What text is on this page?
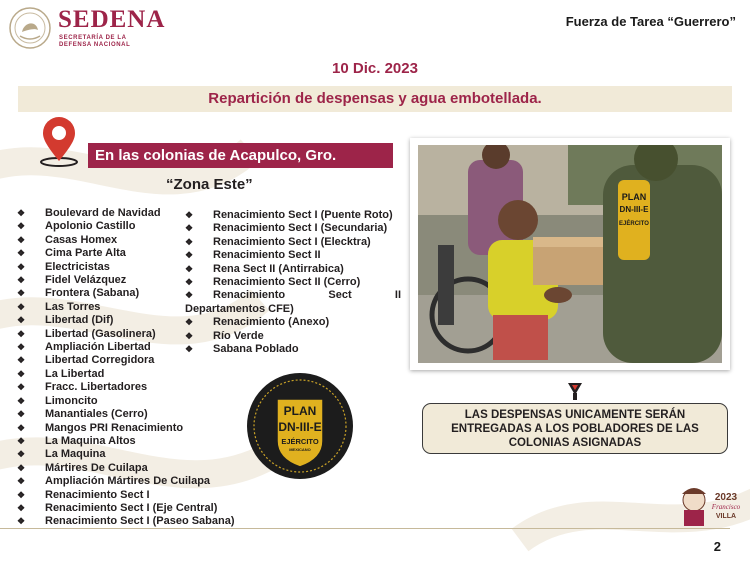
SEDENA
SECRETARÍA DE LA
DEFENSA NACIONAL
Fuerza de Tarea “Guerrero”
10 Dic. 2023
Repartición de despensas y agua embotellada.
En las colonias de Acapulco, Gro.
“Zona Este”
❖ Boulevard de Navidad
❖ Apolonio Castillo
❖ Casas Homex
❖ Cima Parte Alta
❖ Electricistas
❖ Fidel Velázquez
❖ Frontera (Sabana)
❖ Las Torres
❖ Libertad (Dif)
❖ Libertad (Gasolinera)
❖ Ampliación Libertad
❖ Libertad Corregidora
❖ La Libertad
❖ Fracc. Libertadores
❖ Limoncito
❖ Manantiales (Cerro)
❖ Mangos PRI Renacimiento
❖ La Maquina Altos
❖ La Maquina
❖ Mártires De Cuilapa
❖ Ampliación Mártires De Cuilapa
❖ Renacimiento Sect I
❖ Renacimiento Sect I (Eje Central)
❖ Renacimiento Sect I (Paseo Sabana)
❖ Renacimiento Sect I (Puente Roto)
❖ Renacimiento Sect I (Secundaria)
❖ Renacimiento Sect I (Elecktra)
❖ Renacimiento Sect II
❖ Rena Sect II (Antirrabica)
❖ Renacimiento Sect II (Cerro)
❖ Renacimiento Sect II
Departamentos CFE)
❖ Renacimiento (Anexo)
❖ Río Verde
❖ Sabana Poblado
PLAN
DN-III-E
EJÉRCITO
LAS DESPENSAS UNICAMENTE SERÁN ENTREGADAS A LOS POBLADORES DE LAS COLONIAS ASIGNADAS
PLAN
DN-III-E
EJÉRCITO
MEXICANO
2023
Francisco
VILLA
2
